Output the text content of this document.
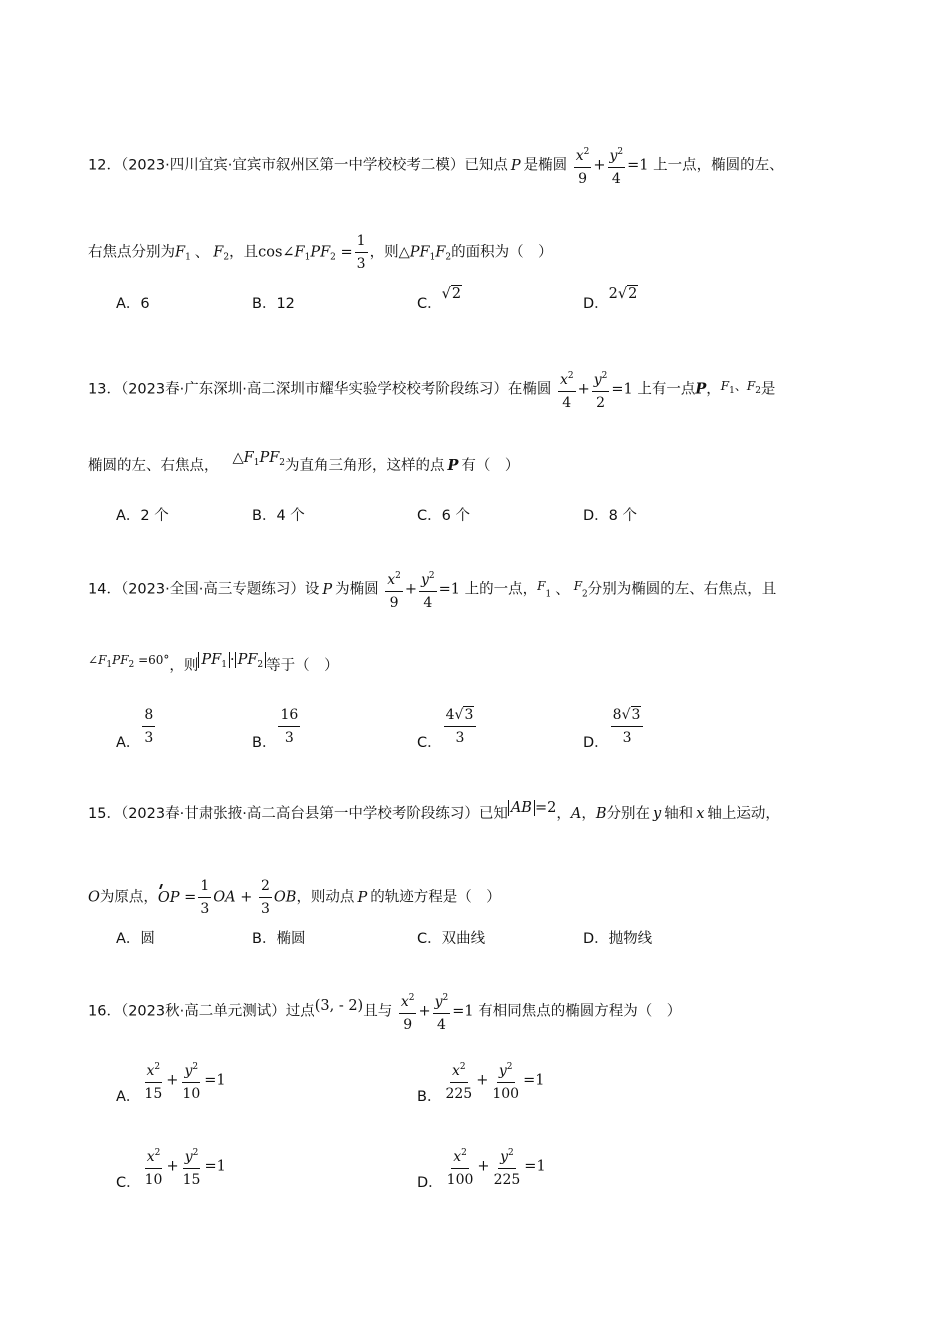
12．（2023·四川宜宾·宜宾市叙州区第一中学校校考二模）已知点 P 是椭圆 $\frac{x^2}{9} + \frac{y^2}{4} =1$ 上一点，椭圆的左、
右焦点分别为$F_1$ 、 $F_2$，且$\cos\angle F_1PF_2 = \frac{1}{3}$ ，则$\triangle PF_1F_2$的面积为（　）
A．6	B．12	C．√2
D．2√2
13．（2023春·广东深圳·高二深圳市耀华实验学校校考阶段练习）在椭圆 $\frac{x^2}{4} + \frac{y^2}{2} =1$ 上有一点P，$^{F_1、F_2}$是
椭圆的左、右焦点， $\triangle F_1PF_2$为直角三角形，这样的点 P 有（　）
A．2 个	B．4 个	C．6 个	D．8 个
14．（2023·全国·高三专题练习）设 P 为椭圆 $\frac{x^2}{9} + \frac{y^2}{4} =1$ 上的一点，$^F_1$ 、 $^F_2$分别为椭圆的左、右焦点，且
$^{\angle F_1PF_2 =60^\circ}$，则 $PF_1 \cdot PF_2$ 等于（　）
A． $\frac{8}{3}$	B． $\frac{16}{3}$	C． $\frac{4√3}{3}$	D． $\frac{8√3}{3}$
15．（2023春·甘肃张掖·高二高台县第一中学校考阶段练习）已知 AB =2，A，B分别在 y 轴和 x 轴上运动，
O为原点，OP = $\frac{1}{3}$ OA + $\frac{2}{3}$ OB，则动点 P 的轨迹方程是（　）
A．圆	B．椭圆	C．双曲线	D．抛物线
16．（2023秋·高二单元测试）过点(3, - 2)且与 $\frac{x^2}{9} + \frac{y^2}{4} =1$ 有相同焦点的椭圆方程为（　）
A． $\frac{x^2}{15} + \frac{y^2}{10} =1$
B． $\frac{x^2}{225} + \frac{y^2}{100} =1$
C． $\frac{x^2}{10} + \frac{y^2}{15} =1$
D． $\frac{x^2}{100} + \frac{y^2}{225} =1$
